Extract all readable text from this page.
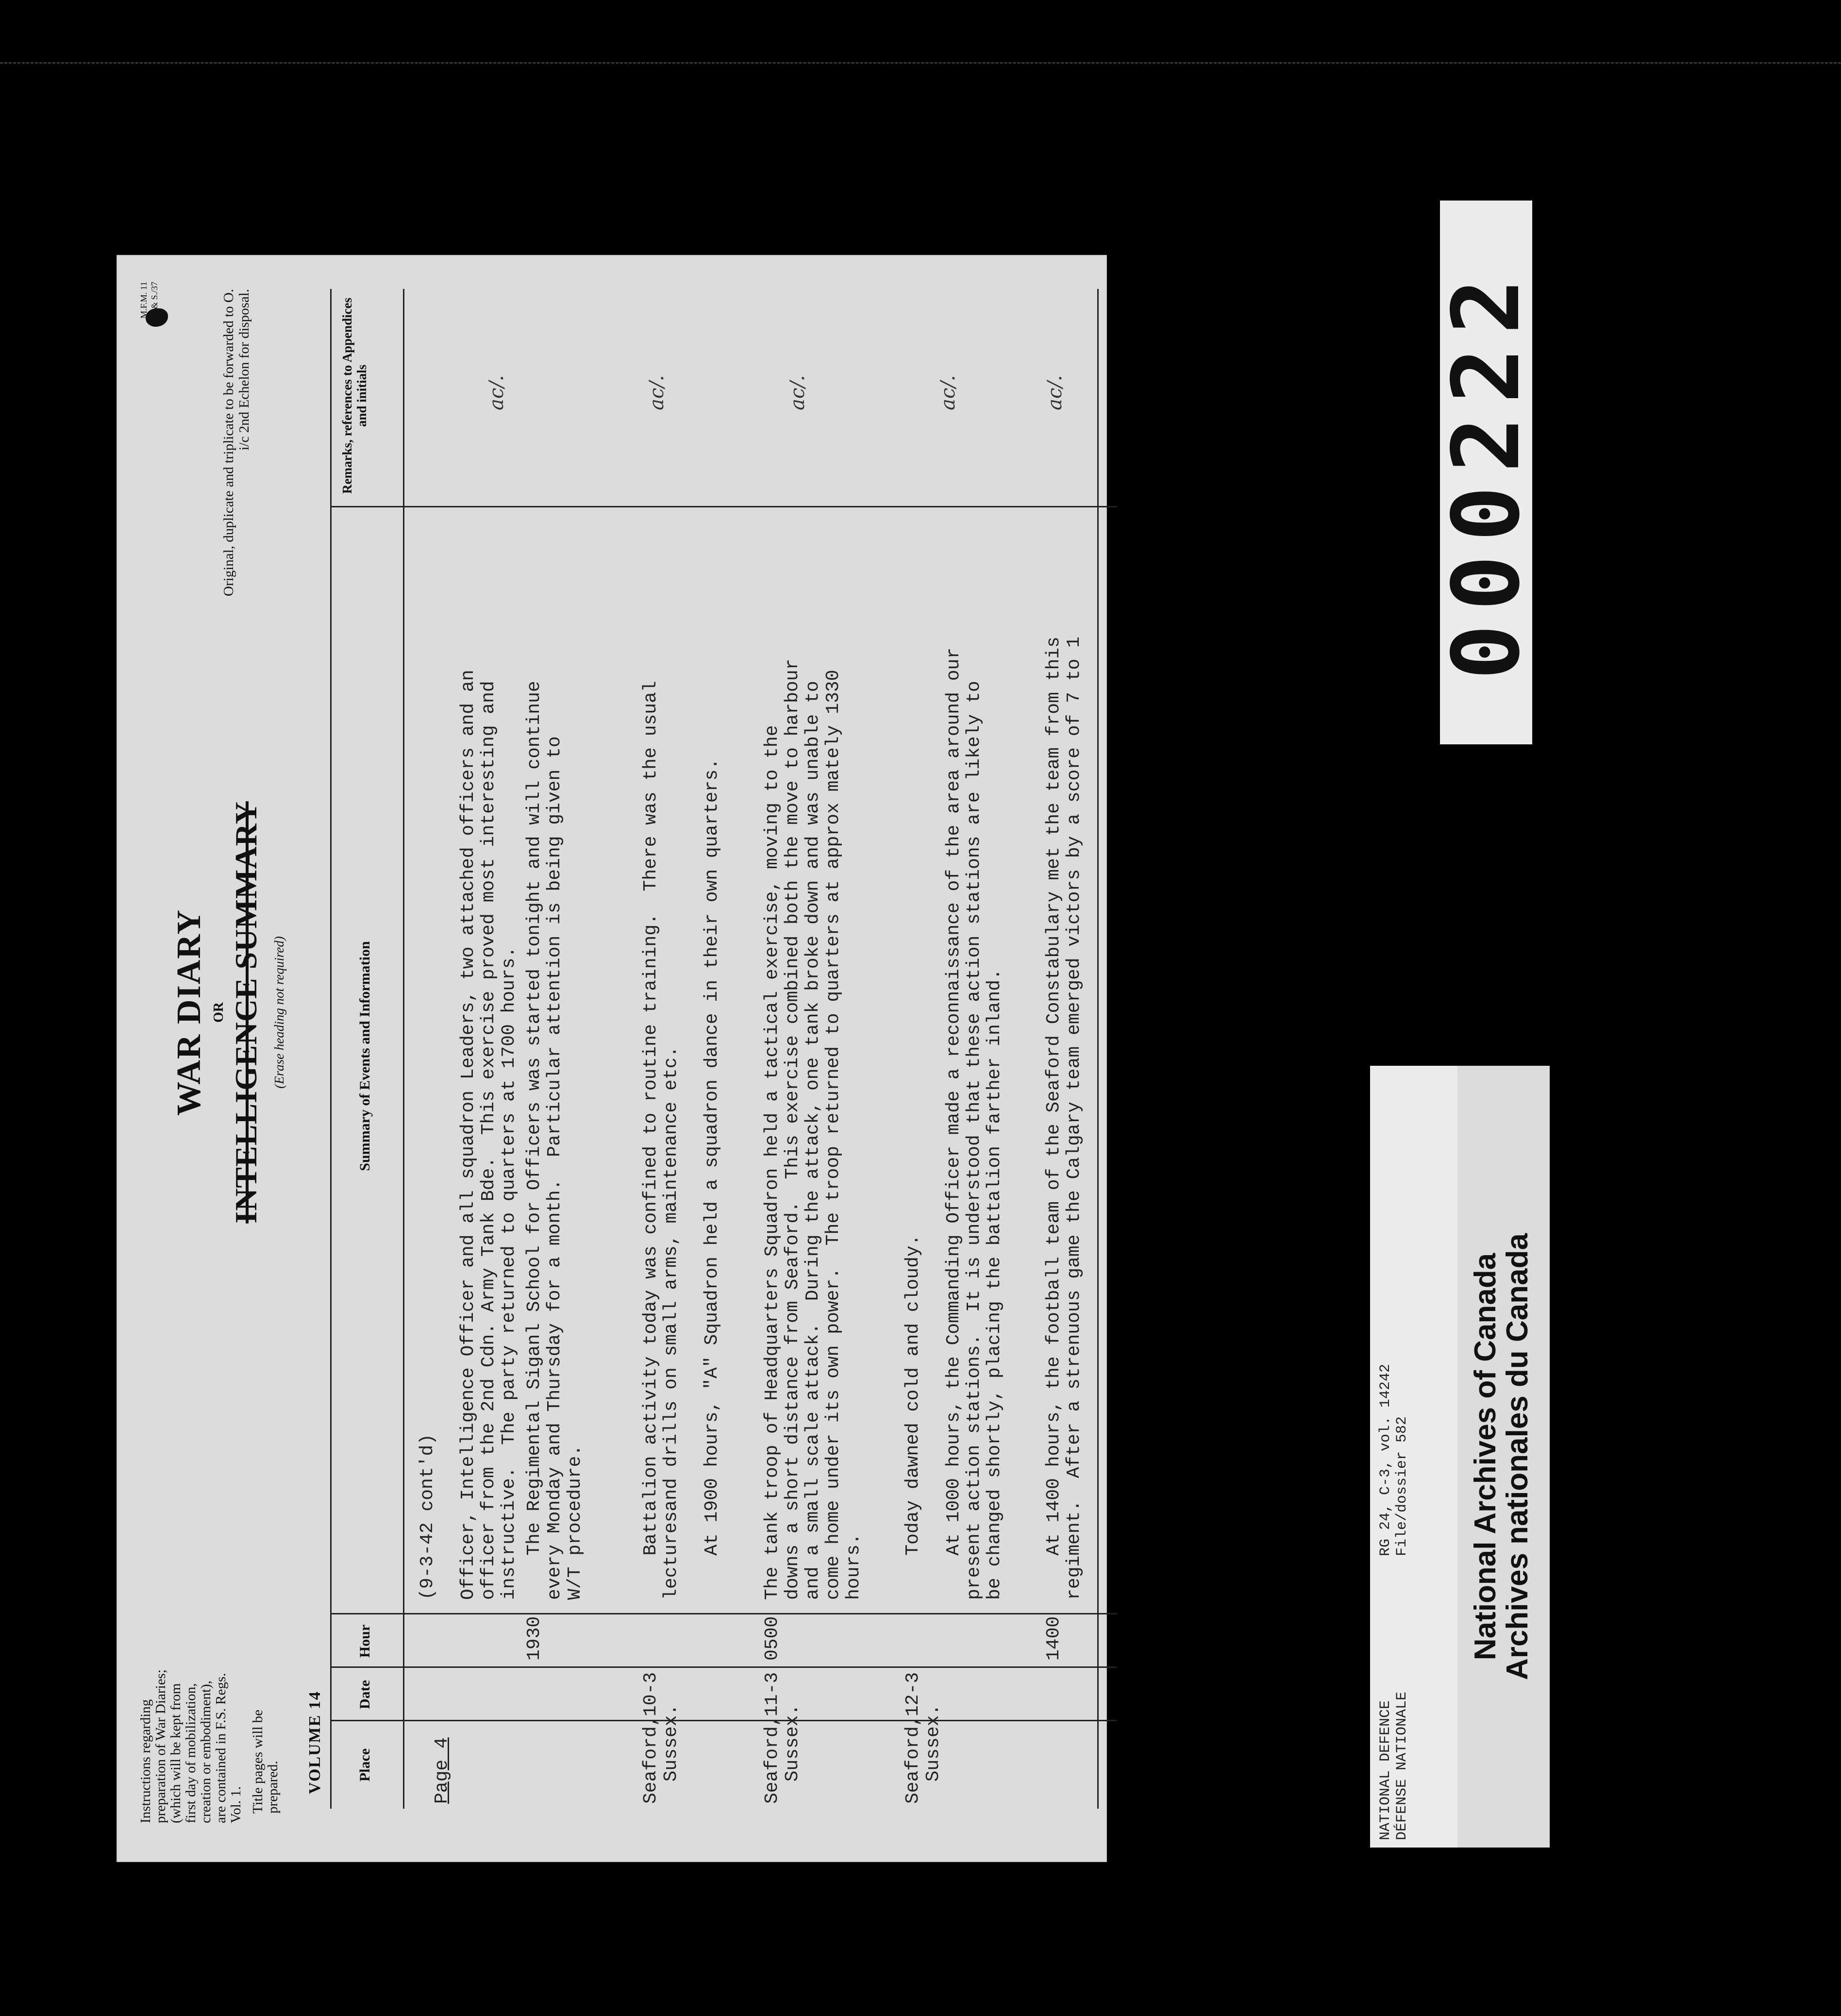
Instructions regarding preparation of War Diaries; (which will be kept from first day of mobilization, creation or embodiment), are contained in F.S. Regs. Vol. 1. Title pages will be prepared.
M.F.M. 11
C.P. & S./37
WAR DIARY OR INTELLIGENCE SUMMARY (Erase heading not required)
Original, duplicate and triplicate to be forwarded to O. i/c 2nd Echelon for disposal.
VOLUME 14 Place
Date
Hour
Summary of Events and Information
Remarks, references to Appendices and initials
Page 4
(9-3-42 cont'd)

Officer, Intelligence Officer and all squadron Leaders, two attached officers and an
officer from the 2nd Cdn. Army Tank Bde.  This exercise proved most interesting and
instructive.  The party returned to quarters at 1700 hours.
ac/.
1930
The Regimental Siganl School for Officers was started tonight and will continue
every Monday and Thursday for a month.  Particular attention is being given to
W/T procedure.
Seaford,
Sussex.
10-3
Battalion activity today was confined to routine training.  There was the usual
lecturesand drills on small arms, maintenance etc.

At 1900 hours, "A" Squadron held a squadron dance in their own quarters.
ac/.
Seaford,
Sussex.
11-3
0500
The tank troop of Headquarters Squadron held a tactical exercise, moving to the
downs a short distance from Seaford.  This exercise combined both the move to harbour
and a small scale attack.  During the attack, one tank broke down and was unable to
come home under its own power.  The troop returned to quarters at approx mately 1330
hours.
ac/.
Seaford,
Sussex.
12-3
Today dawned cold and cloudy.

At 1000 hours, the Commanding Officer made a reconnaissance of the area around our
present action stations.  It is understood that these action stations are likely to
be changed shortly, placing the battalion farther inland.
ac/.
1400
At 1400 hours, the football team of the Seaford Constabulary met the team from this
regiment.  After a strenuous game the Calgary team emerged victors by a score of 7 to 1
ac/.	000222
NATIONAL DEFENCE DÉFENSE NATIONALE
RG 24, C-3, vol. 14242 File/dossier 582 National Archives of Canada
Archives nationales du Canada
